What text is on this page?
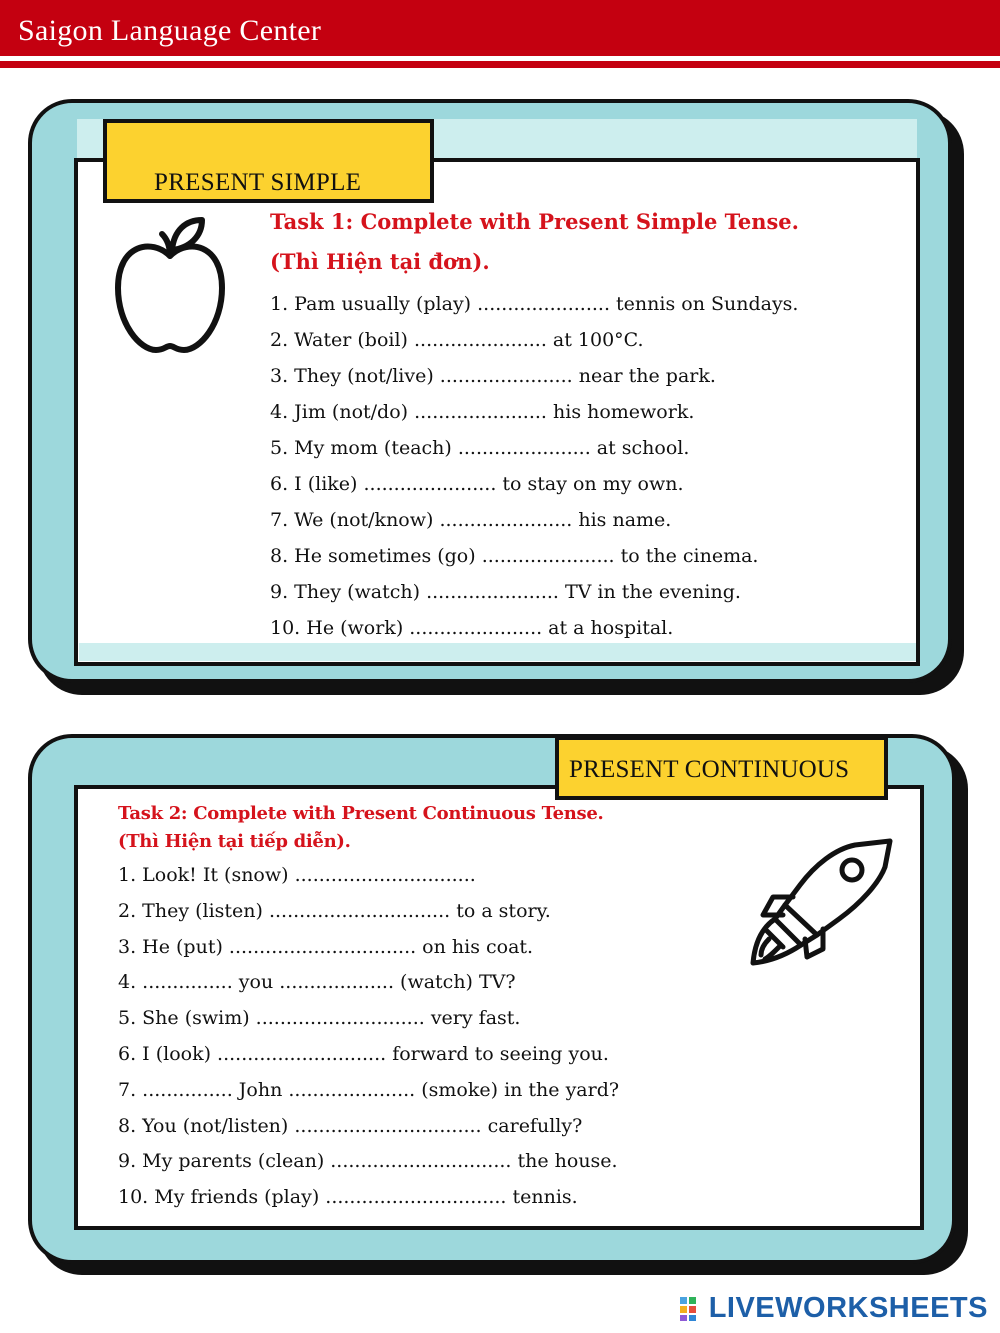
Saigon Language Center
PRESENT SIMPLE
Task 1: Complete with Present Simple Tense.
(Thì Hiện tại đơn).
1. Pam usually (play) ...................... tennis on Sundays.
2. Water (boil) ...................... at 100°C.
3. They (not/live) ...................... near the park.
4. Jim (not/do) ...................... his homework.
5. My mom (teach) ...................... at school.
6. I (like) ...................... to stay on my own.
7. We (not/know) ...................... his name.
8. He sometimes (go) ...................... to the cinema.
9. They (watch) ...................... TV in the evening.
10. He (work) ...................... at a hospital.
PRESENT CONTINUOUS
Task 2: Complete with Present Continuous Tense.
(Thì Hiện tại tiếp diễn).
1. Look! It (snow) ..............................
2. They (listen) .............................. to a story.
3. He (put) ............................... on his coat.
4. ............... you ................... (watch) TV?
5. She (swim) ............................ very fast.
6. I (look) ............................ forward to seeing you.
7. ............... John ..................... (smoke) in the yard?
8. You (not/listen) ............................... carefully?
9. My parents (clean) .............................. the house.
10. My friends (play) .............................. tennis.
LIVEWORKSHEETS
